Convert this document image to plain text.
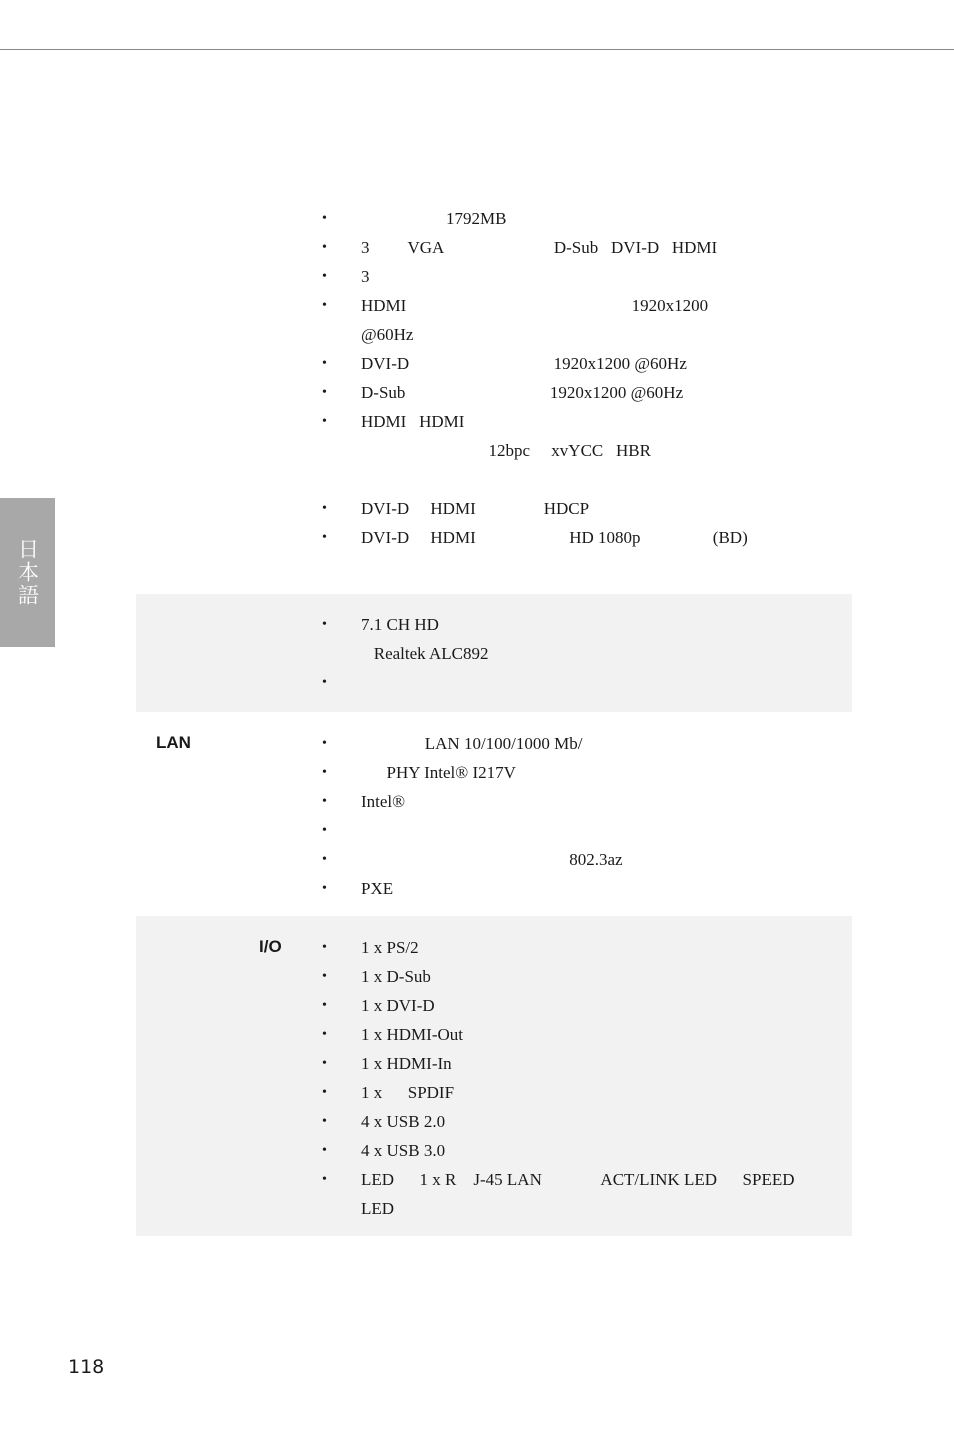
日本語
•                     1792MB
• 3         VGA                          D-Sub   DVI-D   HDMI
• 3
• HDMI                                                     1920x1200
@60Hz
• DVI-D                                  1920x1200 @60Hz
• D-Sub                                  1920x1200 @60Hz
• HDMI   HDMI
12bpc     xvYCC   HBR
• DVI-D     HDMI                HDCP
• DVI-D     HDMI                      HD 1080p                 (BD)
• 7.1 CH HD
Realtek ALC892
•
LAN	•                LAN 10/100/1000 Mb/
•       PHY Intel® I217V
• Intel®
•
•                                                  802.3az
• PXE
I/O	• 1 x PS/2
• 1 x D-Sub
• 1 x DVI-D
• 1 x HDMI-Out
• 1 x HDMI-In
• 1 x      SPDIF
• 4 x USB 2.0
• 4 x USB 3.0
• LED      1 x R    J-45 LAN              ACT/LINK LED      SPEED
LED
118
